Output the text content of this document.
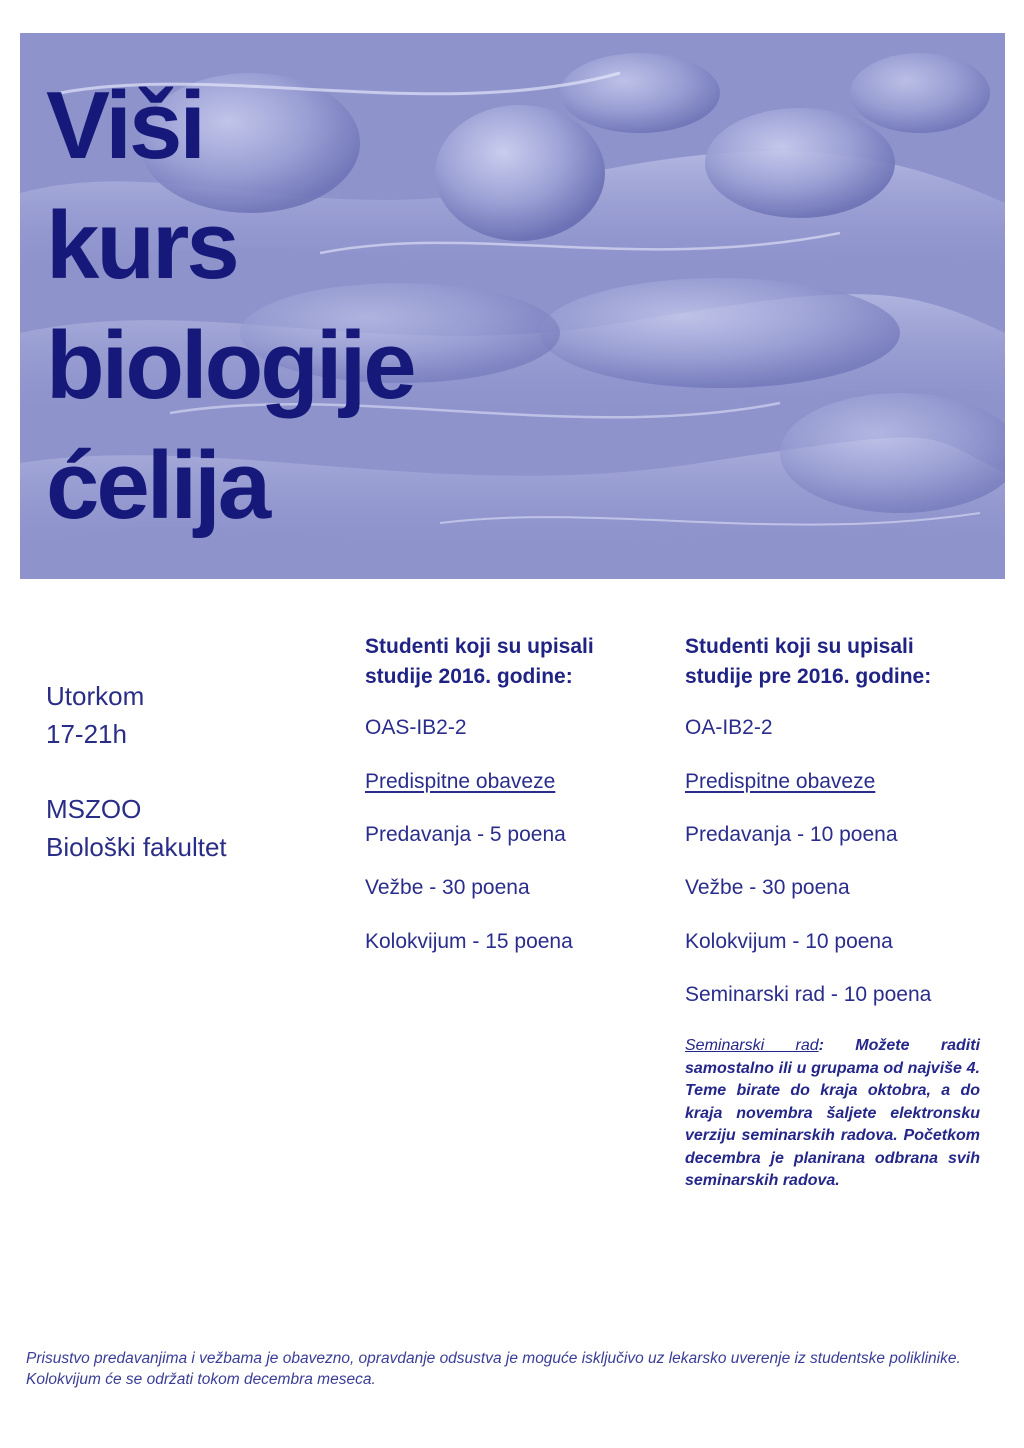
Viši
kurs
biologije
ćelija
Utorkom
17-21h
MSZOO
Biološki fakultet

Studenti koji su upisali
studije 2016. godine:

OAS-IB2-2
Predispitne obaveze
Predavanja - 5 poena
Vežbe - 30 poena
Kolokvijum - 15 poena

Studenti koji su upisali
studije pre 2016. godine:

OA-IB2-2
Predispitne obaveze
Predavanja - 10 poena
Vežbe - 30 poena
Kolokvijum - 10 poena
Seminarski rad - 10 poena
Seminarski rad: Možete raditi samostalno ili u grupama od najviše 4. Teme birate do kraja oktobra, a do kraja novembra šaljete elektronsku verziju seminarskih radova. Početkom decembra je planirana odbrana svih seminarskih radova.
Prisustvo predavanjima i vežbama je obavezno, opravdanje odsustva je moguće isključivo uz lekarsko uverenje iz studentske poliklinike. Kolokvijum će se održati tokom decembra meseca.
